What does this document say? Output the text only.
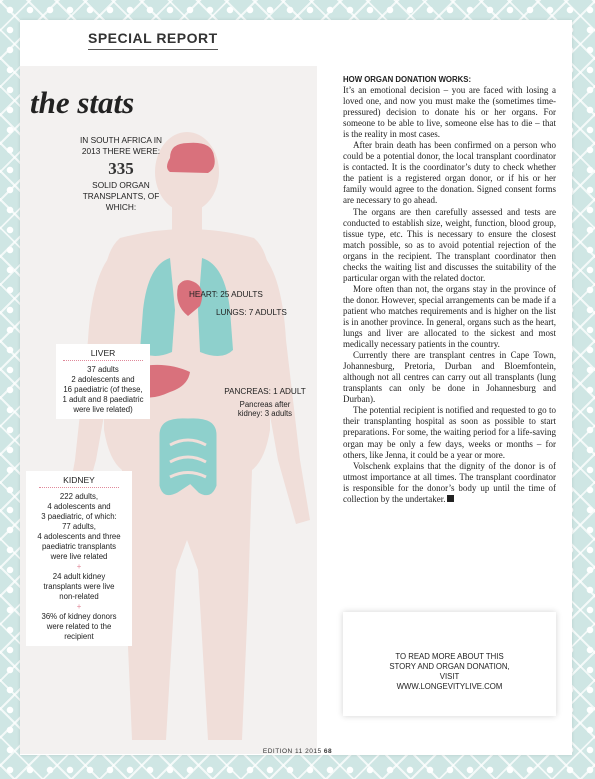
SPECIAL REPORT
the stats
IN SOUTH AFRICA IN
2013 THERE WERE:
335
SOLID ORGAN
TRANSPLANTS, OF
WHICH:
HEART: 25 ADULTS
LUNGS: 7 ADULTS
PANCREAS: 1 ADULT
Pancreas after
kidney: 3 adults
LIVER
37 adults
2 adolescents and
16 paediatric (of these,
1 adult and 8 paediatric
were live related)
KIDNEY
222 adults,
4 adolescents and
3 paediatric, of which:
77 adults,
4 adolescents and three
paediatric transplants
were live related
+
24 adult kidney
transplants were live
non-related
+
36% of kidney donors
were related to the
recipient
HOW ORGAN DONATION WORKS:

It’s an emotional decision – you are faced with losing a loved one, and now you must make the (sometimes time-pressured) decision to donate his or her organs. For someone to be able to live, someone else has to die – that is the reality in most cases.

After brain death has been confirmed on a person who could be a potential donor, the local transplant coordinator is contacted. It is the coordinator’s duty to check whether the patient is a registered organ donor, or if his or her family would agree to the donation. Signed consent forms are necessary to go ahead.

The organs are then carefully assessed and tests are conducted to establish size, weight, function, blood group, tissue type, etc. This is necessary to ensure the closest match possible, so as to avoid potential rejection of the organs in the recipient. The transplant coordinator then checks the waiting list and discusses the suitability of the particular organ with the related doctor.

More often than not, the organs stay in the province of the donor. However, special arrangements can be made if a patient who matches requirements and is higher on the list is in another province. In general, organs such as the heart, lungs and liver are allocated to the sickest and most medically necessary patients in the country.

Currently there are transplant centres in Cape Town, Johannesburg, Pretoria, Durban and Bloemfontein, although not all centres can carry out all transplants (lung transplants can only be done in Johannesburg and Durban).

The potential recipient is notified and requested to go to their transplanting hospital as soon as possible to start preparations. For some, the waiting period for a life-saving organ may be only a few days, weeks or months – for others, like Jenna, it could be a year or more.

Volschenk explains that the dignity of the donor is of utmost importance at all times. The transplant coordinator is responsible for the donor’s body up until the time of collection by the undertaker.

TO READ MORE ABOUT THIS
STORY AND ORGAN DONATION,
VISIT
WWW.LONGEVITYLIVE.COM
EDITION 11 2015 68
